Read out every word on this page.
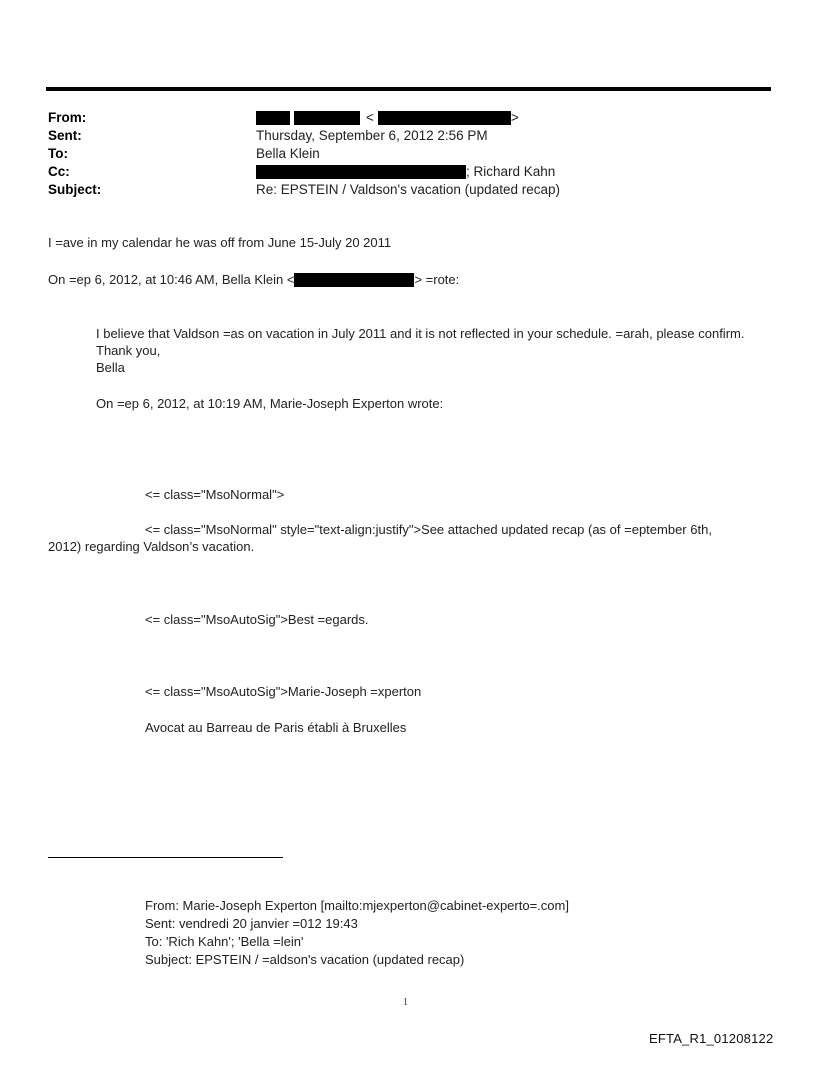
From:	<	>
Sent:	Thursday, September 6, 2012 2:56 PM
To:	Bella Klein
Cc:	; Richard Kahn
Subject:	Re: EPSTEIN / Valdson's vacation (updated recap)
I =ave in my calendar he was off from June 15-July 20 2011
On =ep 6, 2012, at 10:46 AM, Bella Klein <	> =rote:
I believe that Valdson =as on vacation in July 2011 and it is not reflected in your schedule. =arah, please confirm.
Thank you,
Bella
On =ep 6, 2012, at 10:19 AM, Marie-Joseph Experton wrote:
<= class="MsoNormal">
<= class="MsoNormal" style="text-align:justify">See attached updated recap (as of =eptember 6th,
2012) regarding Valdson’s vacation.
<= class="MsoAutoSig">Best =egards.
<= class="MsoAutoSig">Marie-Joseph =xperton
Avocat au Barreau de Paris établi à Bruxelles
From: Marie-Joseph Experton [mailto:mjexperton@cabinet-experto=.com]
Sent: vendredi 20 janvier =012 19:43
To: 'Rich Kahn'; 'Bella =lein'
Subject: EPSTEIN / =aldson's vacation (updated recap)
1
EFTA_R1_01208122
